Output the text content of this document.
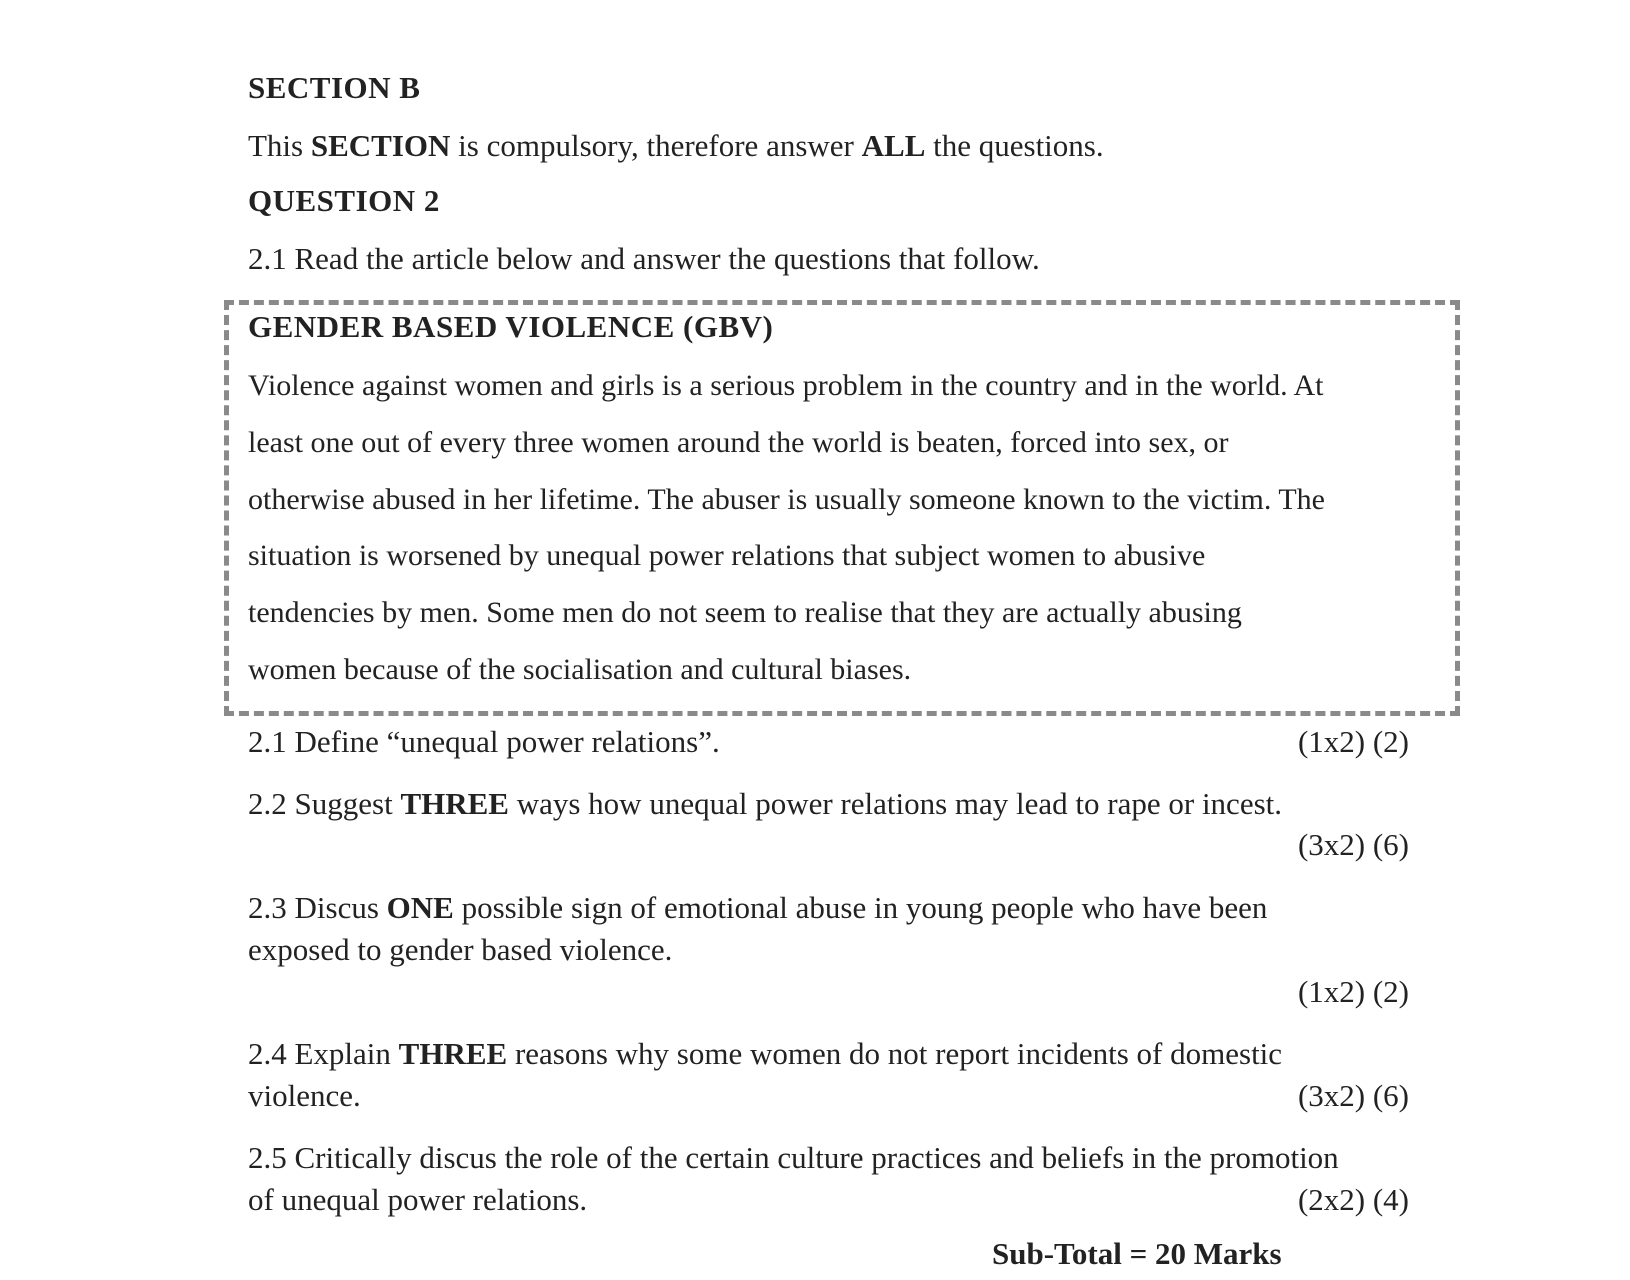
SECTION B
This SECTION is compulsory, therefore answer ALL the questions.
QUESTION 2
2.1 Read the article below and answer the questions that follow.
GENDER BASED VIOLENCE (GBV)
Violence against women and girls is a serious problem in the country and in the world. At
least one out of every three women around the world is beaten, forced into sex, or
otherwise abused in her lifetime. The abuser is usually someone known to the victim. The
situation is worsened by unequal power relations that subject women to abusive
tendencies by men. Some men do not seem to realise that they are actually abusing
women because of the socialisation and cultural biases.
2.1 Define “unequal power relations”.	(1x2) (2)
2.2 Suggest THREE ways how unequal power relations may lead to rape or incest.
(3x2) (6)
2.3 Discus ONE possible sign of emotional abuse in young people who have been
exposed to gender based violence.
(1x2) (2)
2.4 Explain THREE reasons why some women do not report incidents of domestic
violence.	(3x2) (6)
2.5 Critically discus the role of the certain culture practices and beliefs in the promotion
of unequal power relations.	(2x2) (4)
Sub-Total = 20 Marks
